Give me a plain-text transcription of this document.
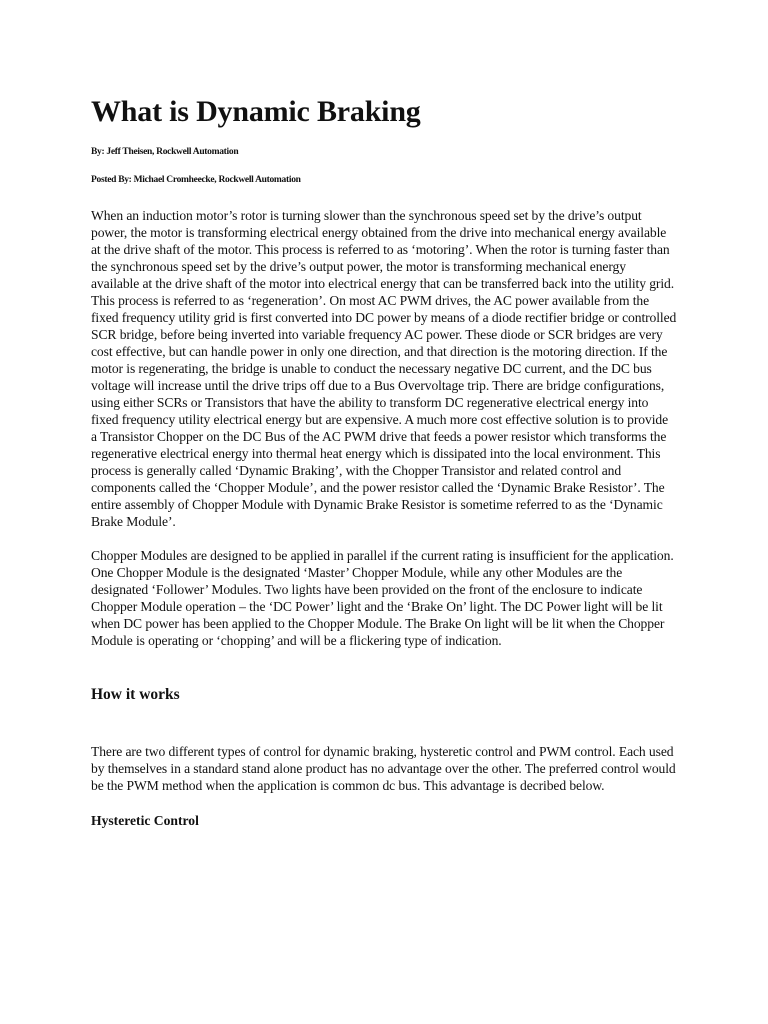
What is Dynamic Braking

By: Jeff Theisen, Rockwell Automation

Posted By: Michael Cromheecke, Rockwell Automation

When an induction motor’s rotor is turning slower than the synchronous speed set by the drive’s output power, the motor is transforming electrical energy obtained from the drive into mechanical energy available at the drive shaft of the motor. This process is referred to as ‘motoring’. When the rotor is turning faster than the synchronous speed set by the drive’s output power, the motor is transforming mechanical energy available at the drive shaft of the motor into electrical energy that can be transferred back into the utility grid. This process is referred to as ‘regeneration’. On most AC PWM drives, the AC power available from the fixed frequency utility grid is first converted into DC power by means of a diode rectifier bridge or controlled SCR bridge, before being inverted into variable frequency AC power. These diode or SCR bridges are very cost effective, but can handle power in only one direction, and that direction is the motoring direction. If the motor is regenerating, the bridge is unable to conduct the necessary negative DC current, and the DC bus voltage will increase until the drive trips off due to a Bus Overvoltage trip. There are bridge configurations, using either SCRs or Transistors that have the ability to transform DC regenerative electrical energy into fixed frequency utility electrical energy but are expensive. A much more cost effective solution is to provide a Transistor Chopper on the DC Bus of the AC PWM drive that feeds a power resistor which transforms the regenerative electrical energy into thermal heat energy which is dissipated into the local environment. This process is generally called ‘Dynamic Braking’, with the Chopper Transistor and related control and components called the ‘Chopper Module’, and the power resistor called the ‘Dynamic Brake Resistor’. The entire assembly of Chopper Module with Dynamic Brake Resistor is sometime referred to as the ‘Dynamic Brake Module’.

Chopper Modules are designed to be applied in parallel if the current rating is insufficient for the application. One Chopper Module is the designated ‘Master’ Chopper Module, while any other Modules are the designated ‘Follower’ Modules. Two lights have been provided on the front of the enclosure to indicate Chopper Module operation – the ‘DC Power’ light and the ‘Brake On’ light. The DC Power light will be lit when DC power has been applied to the Chopper Module. The Brake On light will be lit when the Chopper Module is operating or ‘chopping’ and will be a flickering type of indication.

How it works

There are two different types of control for dynamic braking, hysteretic control and PWM control. Each used by themselves in a standard stand alone product has no advantage over the other. The preferred control would be the PWM method when the application is common dc bus. This advantage is decribed below.

Hysteretic Control
